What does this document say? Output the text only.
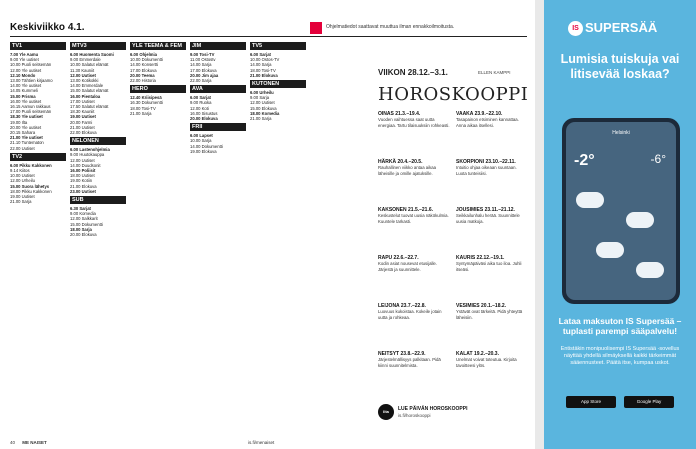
Keskiviikko 4.1.	Ohjelmatiedot saattavat muuttua ilman ennakkoilmoitusta.
TV1
7.00 Yle Aamu
9.00 Yle uutiset
10.00 Puoli seitsemän
12.00 Yle uutiset
12.10 Mondo
13.00 Tähtien kirjaamo
14.00 Yle uutiset
14.05 Kummeli
15.00 Prisma
16.00 Yle uutiset
16.15 Aamun rakkaus
17.00 Puoli seitsemän
18.30 Yle uutiset
19.00 Ilta
20.00 Yle uutiset
20.15 Sahara
21.00 Yle uutiset
21.10 Tuntematon
22.00 Uutiset
TV2
6.00 Pikku Kakkonen
9.14 Kiitos
10.00 Uutiset
12.00 Urheilu
15.00 Suora lähetys
18.00 Pikku Kakkonen
19.00 Uutiset
21.00 Sarja
MTV3
6.00 Huomenta Suomi
9.00 Emmerdale
10.00 Salatut elämät
11.30 Kauniit
12.00 Uutiset
13.00 Kotikokki
14.00 Emmerdale
15.00 Salatut elämät
16.00 Pientaloa
17.00 Uutiset
17.50 Salatut elämät
18.30 Kauniit
19.00 Uutiset
20.00 Farmi
21.00 Uutiset
22.00 Elokuva
NELONEN
6.00 Lastenohjelmia
9.00 Huutokauppa
12.00 Uutiset
14.00 Duudsonit
16.00 Poliisit
18.00 Uutiset
19.00 Kotiin
21.00 Elokuva
23.00 Uutiset
SUB
6.30 Sarjat
9.00 Komedia
12.00 Salkkarit
15.00 Dokumentti
18.00 Sarja
20.00 Elokuva
YLE TEEMA & FEM
6.00 Ohjelmia
10.00 Dokumentti
14.00 Konsertti
17.00 Elokuva
20.00 Teema
22.00 Historia
HERO
12.40 Kriisipesä
16.30 Dokumentti
18.00 Tosi-TV
21.00 Sarja
JIM
9.00 Tosi-TV
11.00 Ostostv
14.00 Sarja
17.00 Elokuva
20.00 Jim ajaa
22.00 Sarja
AVA
6.00 Sarjat
9.00 Ruoka
12.00 Koti
16.00 Sisustus
20.00 Elokuva
FRII
6.00 Lapset
10.00 Sarja
14.00 Dokumentti
19.00 Elokuva
TV5
6.00 Sarjat
10.00 Ostos-TV
14.00 Sarja
18.00 Tosi-TV
21.00 Elokuva
KUTONEN
6.00 Urheilu
9.00 Sarja
12.00 Uutiset
15.00 Elokuva
18.00 Komedia
21.00 Sarja
VIIKON 28.12.–3.1.	ELLEN KAMPPI
HOROSKOOPPI
OINAS 21.3.–19.4.
Vuoden vaihtuessa saat uutta energiaa. Tartu tilaisuuksiin rohkeasti.
HÄRKÄ 20.4.–20.5.
Rauhallinen viikko antaa aikaa läheisille ja omille ajatuksille.
KAKSONEN 21.5.–21.6.
Keskustelut tuovat uusia näkökulmia. Kuuntele tarkasti.
RAPU 22.6.–22.7.
Kodin asiat nousevat etusijalle. Järjestä ja suunnittele.
LEIJONA 23.7.–22.8.
Luovuus kukoistaa. Kokeile jotain uutta ja rohkeaa.
NEITSYT 23.8.–22.9.
Järjestelmällisyys palkitaan. Pidä kiinni suunnitelmista.
VAAKA 23.9.–22.10.
Tasapainon etsiminen kannattaa. Anna aikaa itsellesi.
SKORPIONI 23.10.–22.11.
Intuitio ohjaa oikeaan suuntaan. Luota tunteisiisi.
JOUSIMIES 23.11.–21.12.
Seikkailunhalu herää. Suunnittele uusia matkoja.
KAURIS 22.12.–19.1.
Syntymäpäiväsi aika tuo iloa. Juhli itseäsi.
VESIMIES 20.1.–18.2.
Ystävät ovat tärkeitä. Pidä yhteyttä läheisiin.
KALAT 19.2.–20.3.
Unelmat voivat toteutua. Kirjoita tavoitteesi ylös.
Ilta	LUE PÄIVÄN HOROSKOOPPI
is.fi/horoskooppi
40 ME NAISET	is.fi/menaiset
IS SUPERSÄÄ
Lumisia tuiskuja vai litisevää loskaa?
Helsinki
-2°	-6°
Lataa maksuton IS Supersää – tuplasti parempi sääpalvelu!
Entistäkin monipuolisempi IS Supersää -sovellus näyttää yhdellä silmäyksellä kaikki tärkeimmät sääennusteet. Päätä itse, kumpaa uskot.
App Store	Google Play
